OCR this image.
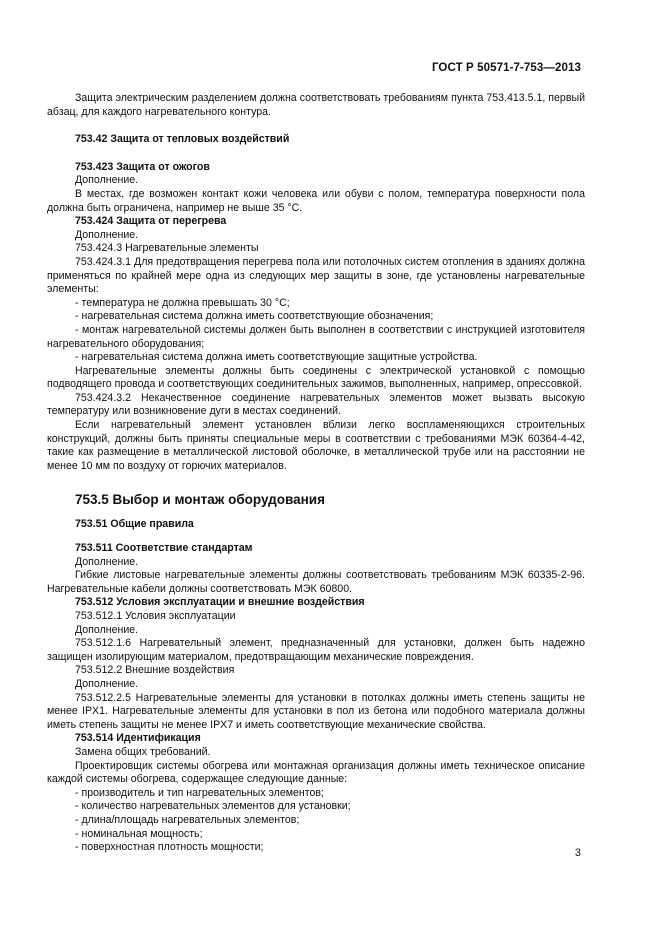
ГОСТ Р 50571-7-753—2013

Защита электрическим разделением должна соответствовать требованиям пункта 753.413.5.1, первый абзац, для каждого нагревательного контура.

753.42 Защита от тепловых воздействий

753.423 Защита от ожогов

Дополнение.

В местах, где возможен контакт кожи человека или обуви с полом, температура поверхности пола должна быть ограничена, например не выше 35 °С.

753.424 Защита от перегрева

Дополнение.

753.424.3 Нагревательные элементы

753.424.3.1 Для предотвращения перегрева пола или потолочных систем отопления в зданиях должна применяться по крайней мере одна из следующих мер защиты в зоне, где установлены нагревательные элементы:

- температура не должна превышать 30 °С;

- нагревательная система должна иметь соответствующие обозначения;

- монтаж нагревательной системы должен быть выполнен в соответствии с инструкцией изготовителя нагревательного оборудования;

- нагревательная система должна иметь соответствующие защитные устройства.

Нагревательные элементы должны быть соединены с электрической установкой с помощью подводящего провода и соответствующих соединительных зажимов, выполненных, например, опрессовкой.

753.424.3.2 Некачественное соединение нагревательных элементов может вызвать высокую температуру или возникновение дуги в местах соединений.

Если нагревательный элемент установлен вблизи легко воспламеняющихся строительных конструкций, должны быть приняты специальные меры в соответствии с требованиями МЭК 60364-4-42, такие как размещение в металлической листовой оболочке, в металлической трубе или на расстоянии не менее 10 мм по воздуху от горючих материалов.

753.5 Выбор и монтаж оборудования

753.51 Общие правила

753.511 Соответствие стандартам

Дополнение.

Гибкие листовые нагревательные элементы должны соответствовать требованиям МЭК 60335-2-96. Нагревательные кабели должны соответствовать МЭК 60800.

753.512 Условия эксплуатации и внешние воздействия

753.512.1 Условия эксплуатации

Дополнение.

753.512.1.6 Нагревательный элемент, предназначенный для установки, должен быть надежно защищен изолирующим материалом, предотвращающим механические повреждения.

753.512.2 Внешние воздействия

Дополнение.

753.512.2.5 Нагревательные элементы для установки в потолках должны иметь степень защиты не менее IPX1. Нагревательные элементы для установки в пол из бетона или подобного материала должны иметь степень защиты не менее IPX7 и иметь соответствующие механические свойства.

753.514 Идентификация

Замена общих требований.

Проектировщик системы обогрева или монтажная организация должны иметь техническое описание каждой системы обогрева, содержащее следующие данные:

- производитель и тип нагревательных элементов;

- количество нагревательных элементов для установки;

- длина/площадь нагревательных элементов;

- номинальная мощность;

- поверхностная плотность мощности;	3
